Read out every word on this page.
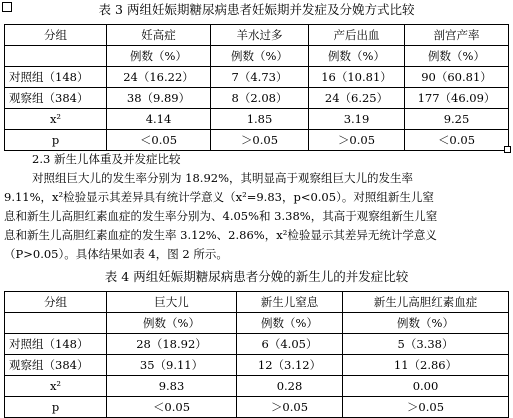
表 3 两组妊娠期糖尿病患者妊娠期并发症及分娩方式比较
分组	妊高症	羊水过多	产后出血	剖宫产率
	例数（%）	例数（%）	例数（%）	例数（%）
对照组（148）	24（16.22）	7（4.73）	16（10.81）	90（60.81）
观察组（384）	38（9.89）	8（2.08）	24（6.25）	177（46.09）
x²	4.14	1.85	3.19	9.25
p	＜0.05	＞0.05	＞0.05	＜0.05

2.3 新生儿体重及并发症比较

对照组巨大儿的发生率分别为 18.92%，其明显高于观察组巨大儿的发生率

9.11%，x²检验显示其差异具有统计学意义（x²=9.83，p<0.05）。对照组新生儿窒

息和新生儿高胆红素血症的发生率分别为、4.05%和 3.38%，其高于观察组新生儿窒

息和新生儿高胆红素血症的发生率 3.12%、2.86%，x²检验显示其差异无统计学意义

（P>0.05）。具体结果如表 4，图 2 所示。

表 4 两组妊娠期糖尿病患者分娩的新生儿的并发症比较
分组	巨大儿	新生儿窒息	新生儿高胆红素血症
	例数（%）	例数（%）	例数（%）
对照组（148）	28（18.92）	6（4.05）	5（3.38）
观察组（384）	35（9.11）	12（3.12）	11（2.86）
x²	9.83	0.28	0.00
p	＜0.05	＞0.05	＞0.05
